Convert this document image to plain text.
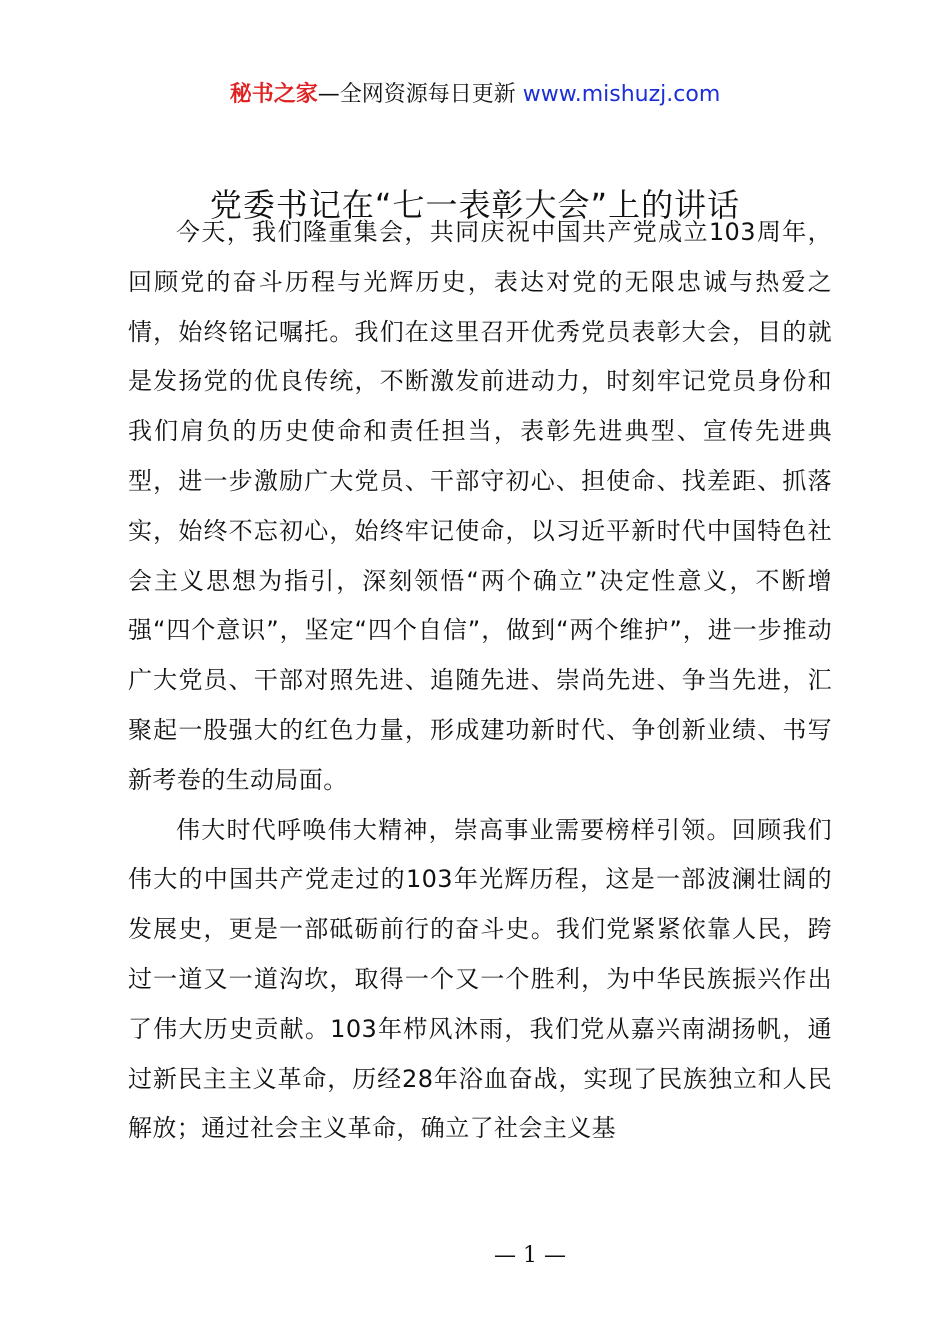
秘书之家—全网资源每日更新 www.mishuzj.com
党委书记在“七一表彰大会”上的讲话

今天，我们隆重集会，共同庆祝中国共产党成立103周年，回顾党的奋斗历程与光辉历史，表达对党的无限忠诚与热爱之情，始终铭记嘱托。我们在这里召开优秀党员表彰大会，目的就是发扬党的优良传统，不断激发前进动力，时刻牢记党员身份和我们肩负的历史使命和责任担当，表彰先进典型、宣传先进典型，进一步激励广大党员、干部守初心、担使命、找差距、抓落实，始终不忘初心，始终牢记使命，以习近平新时代中国特色社会主义思想为指引，深刻领悟“两个确立”决定性意义，不断增强“四个意识”，坚定“四个自信”，做到“两个维护”，进一步推动广大党员、干部对照先进、追随先进、崇尚先进、争当先进，汇聚起一股强大的红色力量，形成建功新时代、争创新业绩、书写新考卷的生动局面。

伟大时代呼唤伟大精神，崇高事业需要榜样引领。回顾我们伟大的中国共产党走过的103年光辉历程，这是一部波澜壮阔的发展史，更是一部砥砺前行的奋斗史。我们党紧紧依靠人民，跨过一道又一道沟坎，取得一个又一个胜利，为中华民族振兴作出了伟大历史贡献。103年栉风沐雨，我们党从嘉兴南湖扬帆，通过新民主主义革命，历经28年浴血奋战，实现了民族独立和人民解放；通过社会主义革命，确立了社会主义基

— 1 —
